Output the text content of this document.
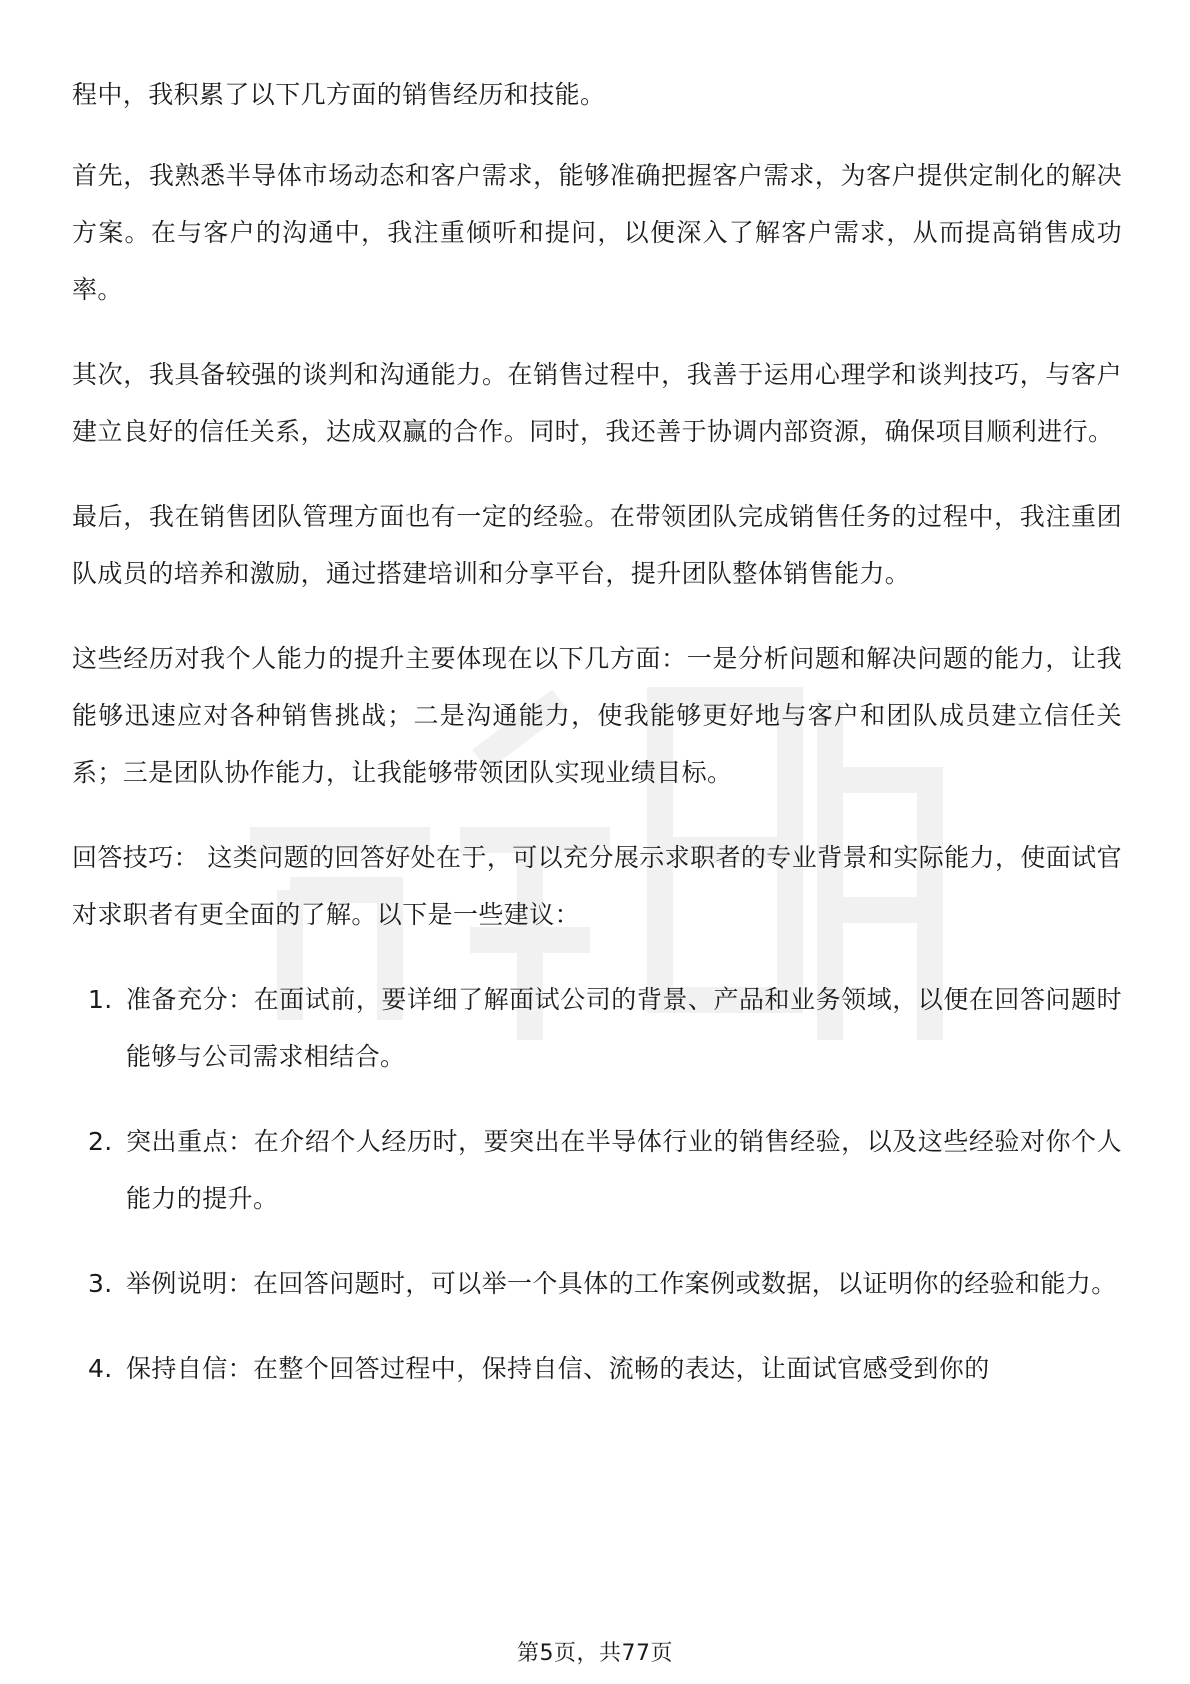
程中，我积累了以下几方面的销售经历和技能。

首先，我熟悉半导体市场动态和客户需求，能够准确把握客户需求，为客户提供定制化的解决方案。在与客户的沟通中，我注重倾听和提问，以便深入了解客户需求，从而提高销售成功率。

其次，我具备较强的谈判和沟通能力。在销售过程中，我善于运用心理学和谈判技巧，与客户建立良好的信任关系，达成双赢的合作。同时，我还善于协调内部资源，确保项目顺利进行。

最后，我在销售团队管理方面也有一定的经验。在带领团队完成销售任务的过程中，我注重团队成员的培养和激励，通过搭建培训和分享平台，提升团队整体销售能力。

这些经历对我个人能力的提升主要体现在以下几方面：一是分析问题和解决问题的能力，让我能够迅速应对各种销售挑战；二是沟通能力，使我能够更好地与客户和团队成员建立信任关系；三是团队协作能力，让我能够带领团队实现业绩目标。

回答技巧： 这类问题的回答好处在于，可以充分展示求职者的专业背景和实际能力，使面试官对求职者有更全面的了解。以下是一些建议：

1. 准备充分：在面试前，要详细了解面试公司的背景、产品和业务领域，以便在回答问题时能够与公司需求相结合。
2. 突出重点：在介绍个人经历时，要突出在半导体行业的销售经验，以及这些经验对你个人能力的提升。
3. 举例说明：在回答问题时，可以举一个具体的工作案例或数据，以证明你的经验和能力。
4. 保持自信：在整个回答过程中，保持自信、流畅的表达，让面试官感受到你的
第5页，共77页
